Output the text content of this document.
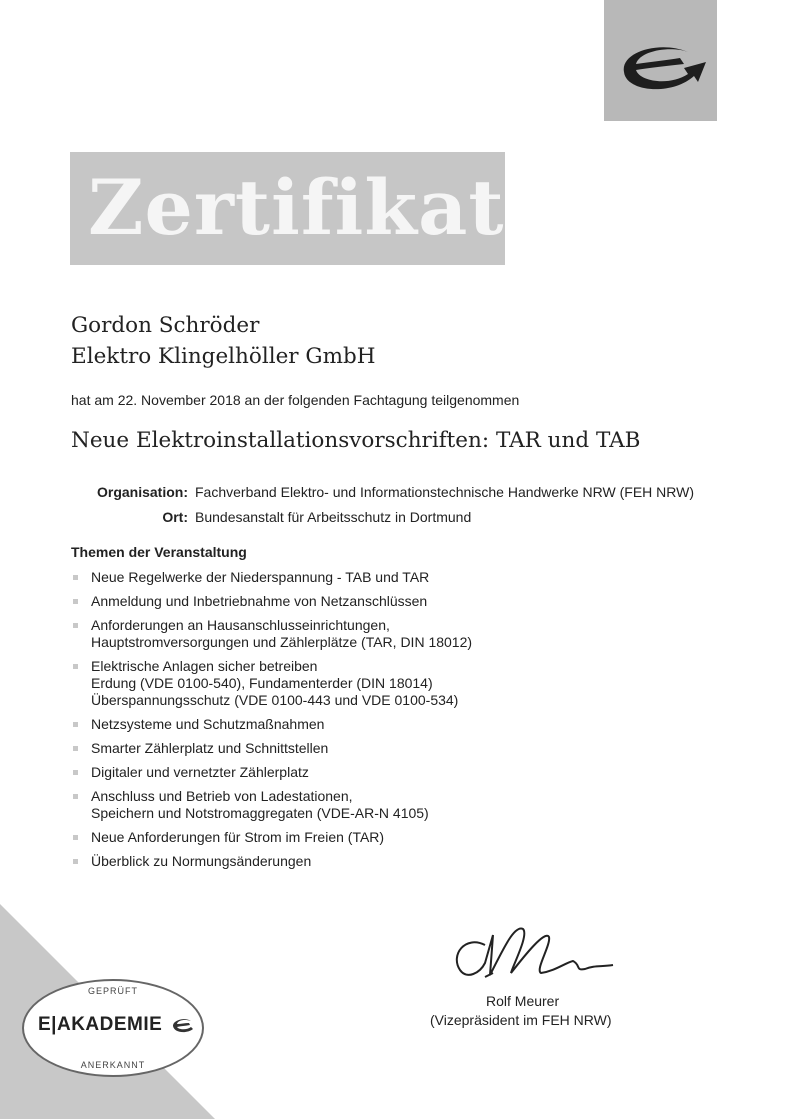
Zertifikat
Gordon Schröder
Elektro Klingelhöller GmbH
hat am 22. November 2018 an der folgenden Fachtagung teilgenommen
Neue Elektroinstallationsvorschriften: TAR und TAB
Organisation: Fachverband Elektro- und Informationstechnische Handwerke NRW (FEH NRW)
Ort: Bundesanstalt für Arbeitsschutz in Dortmund
Themen der Veranstaltung
Neue Regelwerke der Niederspannung - TAB und TAR
Anmeldung und Inbetriebnahme von Netzanschlüssen
Anforderungen an Hausanschlusseinrichtungen,
Hauptstromversorgungen und Zählerplätze (TAR, DIN 18012)
Elektrische Anlagen sicher betreiben
Erdung (VDE 0100-540), Fundamenterder (DIN 18014)
Überspannungsschutz (VDE 0100-443 und VDE 0100-534)
Netzsysteme und Schutzmaßnahmen
Smarter Zählerplatz und Schnittstellen
Digitaler und vernetzter Zählerplatz
Anschluss und Betrieb von Ladestationen,
Speichern und Notstromaggregaten (VDE-AR-N 4105)
Neue Anforderungen für Strom im Freien (TAR)
Überblick zu Normungsänderungen
Rolf Meurer
(Vizepräsident im FEH NRW)
GEPRÜFT
E|AKADEMIE
ANERKANNT
